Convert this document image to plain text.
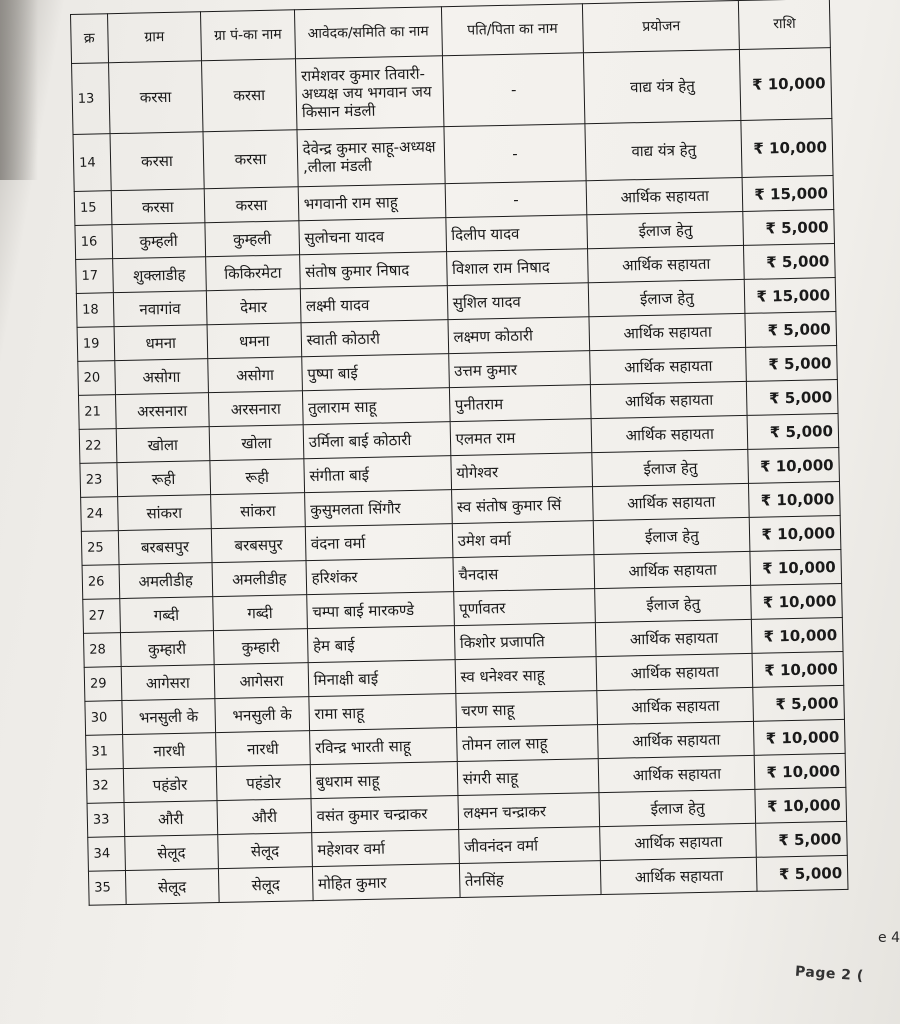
क्र	ग्राम	ग्रा पं-का नाम	आवेदक/समिति का नाम	पति/पिता का नाम	प्रयोजन	राशि
13	करसा	करसा	रामेशवर कुमार तिवारी-अध्यक्ष जय भगवान जय किसान मंडली	-	वाद्य यंत्र हेतु	₹ 10,000
14	करसा	करसा	देवेन्द्र कुमार साहू-अध्यक्ष ,लीला मंडली	-	वाद्य यंत्र हेतु	₹ 10,000
15	करसा	करसा	भगवानी राम साहू	-	आर्थिक सहायता	₹ 15,000
16	कुम्हली	कुम्हली	सुलोचना यादव	दिलीप यादव	ईलाज हेतु	₹ 5,000
17	शुक्लाडीह	किकिरमेटा	संतोष कुमार निषाद	विशाल राम निषाद	आर्थिक सहायता	₹ 5,000
18	नवागांव	देमार	लक्ष्मी यादव	सुशिल यादव	ईलाज हेतु	₹ 15,000
19	धमना	धमना	स्वाती कोठारी	लक्ष्मण कोठारी	आर्थिक सहायता	₹ 5,000
20	असोगा	असोगा	पुष्पा बाई	उत्तम कुमार	आर्थिक सहायता	₹ 5,000
21	अरसनारा	अरसनारा	तुलाराम साहू	पुनीतराम	आर्थिक सहायता	₹ 5,000
22	खोला	खोला	उर्मिला बाई कोठारी	एलमत राम	आर्थिक सहायता	₹ 5,000
23	रूही	रूही	संगीता बाई	योगेश्वर	ईलाज हेतु	₹ 10,000
24	सांकरा	सांकरा	कुसुमलता सिंगौर	स्व संतोष कुमार सिं	आर्थिक सहायता	₹ 10,000
25	बरबसपुर	बरबसपुर	वंदना वर्मा	उमेश वर्मा	ईलाज हेतु	₹ 10,000
26	अमलीडीह	अमलीडीह	हरिशंकर	चैनदास	आर्थिक सहायता	₹ 10,000
27	गब्दी	गब्दी	चम्पा बाई मारकण्डे	पूर्णावतर	ईलाज हेतु	₹ 10,000
28	कुम्हारी	कुम्हारी	हेम बाई	किशोर प्रजापति	आर्थिक सहायता	₹ 10,000
29	आगेसरा	आगेसरा	मिनाक्षी बाई	स्व धनेश्वर साहू	आर्थिक सहायता	₹ 10,000
30	भनसुली के	भनसुली के	रामा साहू	चरण साहू	आर्थिक सहायता	₹ 5,000
31	नारधी	नारधी	रविन्द्र भारती साहू	तोमन लाल साहू	आर्थिक सहायता	₹ 10,000
32	पहंडोर	पहंडोर	बुधराम साहू	संगरी साहू	आर्थिक सहायता	₹ 10,000
33	औरी	औरी	वसंत कुमार चन्द्राकर	लक्ष्मन चन्द्राकर	ईलाज हेतु	₹ 10,000
34	सेलूद	सेलूद	महेशवर वर्मा	जीवनंदन वर्मा	आर्थिक सहायता	₹ 5,000
35	सेलूद	सेलूद	मोहित कुमार	तेनसिंह	आर्थिक सहायता	₹ 5,000
e 4
Page 2 (
